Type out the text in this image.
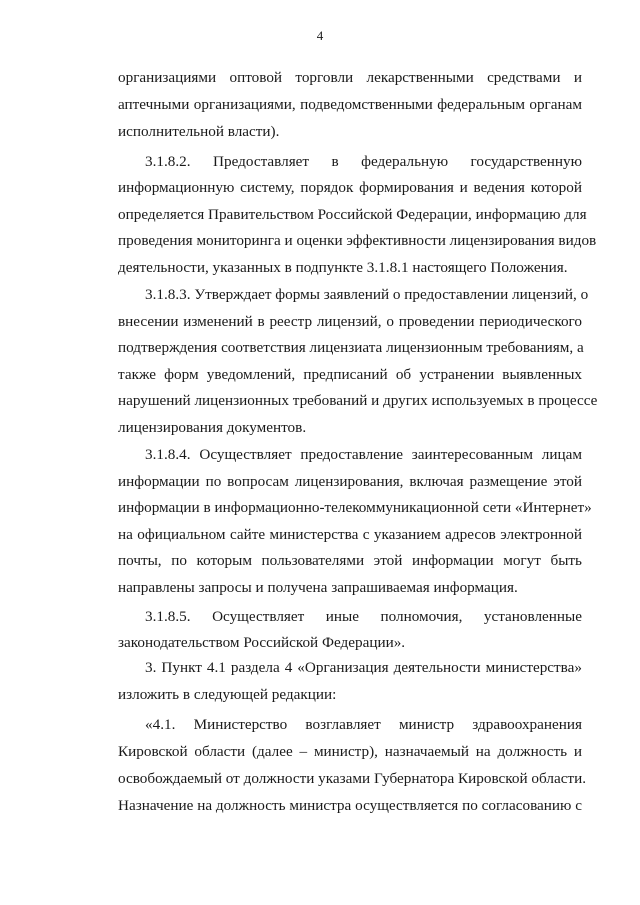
4
организациями оптовой торговли лекарственными средствами и
аптечными организациями, подведомственными федеральным органам
исполнительной власти).
3.1.8.2. Предоставляет в федеральную государственную
информационную систему, порядок формирования и ведения которой
определяется Правительством Российской Федерации, информацию для
проведения мониторинга и оценки эффективности лицензирования видов
деятельности, указанных в подпункте 3.1.8.1 настоящего Положения.
3.1.8.3. Утверждает формы заявлений о предоставлении лицензий, о
внесении изменений в реестр лицензий, о проведении периодического
подтверждения соответствия лицензиата лицензионным требованиям, а
также форм уведомлений, предписаний об устранении выявленных
нарушений лицензионных требований и других используемых в процессе
лицензирования документов.
3.1.8.4. Осуществляет предоставление заинтересованным лицам
информации по вопросам лицензирования, включая размещение этой
информации в информационно-телекоммуникационной сети «Интернет»
на официальном сайте министерства с указанием адресов электронной
почты, по которым пользователями этой информации могут быть
направлены запросы и получена запрашиваемая информация.
3.1.8.5. Осуществляет иные полномочия, установленные
законодательством Российской Федерации».
3. Пункт 4.1 раздела 4 «Организация деятельности министерства»
изложить в следующей редакции:
«4.1. Министерство возглавляет министр здравоохранения
Кировской области (далее – министр), назначаемый на должность и
освобождаемый от должности указами Губернатора Кировской области.
Назначение на должность министра осуществляется по согласованию с
